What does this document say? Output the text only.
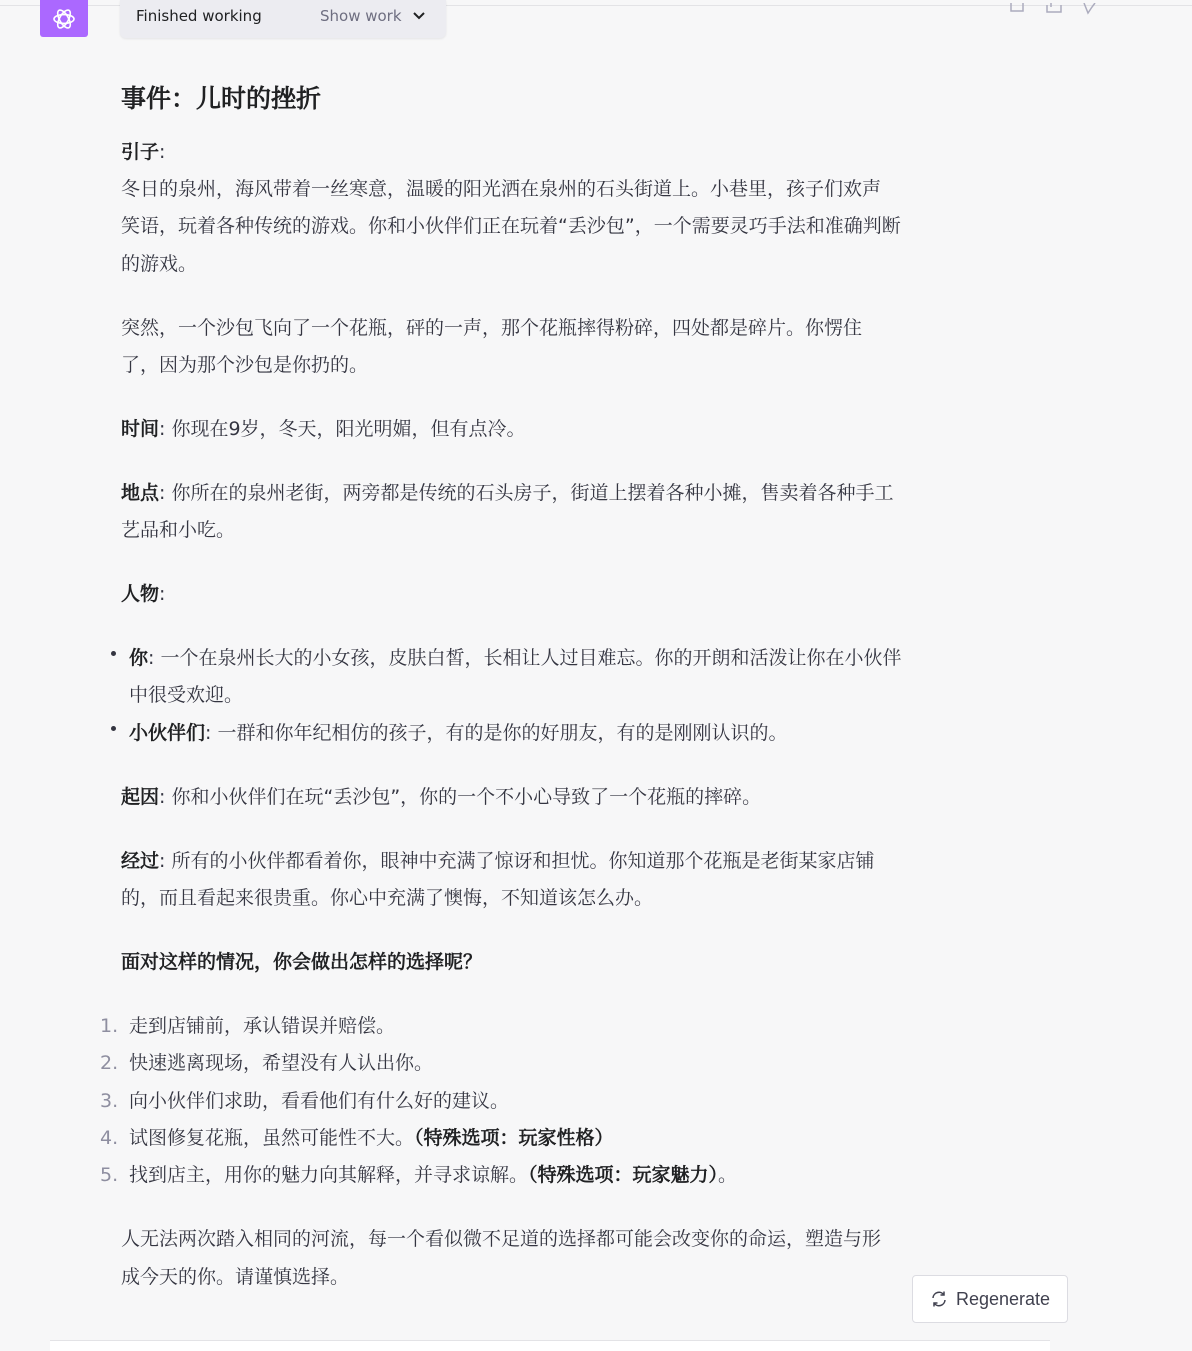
Finished working	Show work
事件：儿时的挫折
引子:
冬日的泉州，海风带着一丝寒意，温暖的阳光洒在泉州的石头街道上。小巷里，孩子们欢声
笑语，玩着各种传统的游戏。你和小伙伴们正在玩着“丢沙包”，一个需要灵巧手法和准确判断
的游戏。
突然，一个沙包飞向了一个花瓶，砰的一声，那个花瓶摔得粉碎，四处都是碎片。你愣住
了，因为那个沙包是你扔的。
时间: 你现在9岁，冬天，阳光明媚，但有点冷。
地点: 你所在的泉州老街，两旁都是传统的石头房子，街道上摆着各种小摊，售卖着各种手工
艺品和小吃。
人物:
你: 一个在泉州长大的小女孩，皮肤白皙，长相让人过目难忘。你的开朗和活泼让你在小伙伴
中很受欢迎。
小伙伴们: 一群和你年纪相仿的孩子，有的是你的好朋友，有的是刚刚认识的。
起因: 你和小伙伴们在玩“丢沙包”，你的一个不小心导致了一个花瓶的摔碎。
经过: 所有的小伙伴都看着你，眼神中充满了惊讶和担忧。你知道那个花瓶是老街某家店铺
的，而且看起来很贵重。你心中充满了懊悔，不知道该怎么办。
面对这样的情况，你会做出怎样的选择呢？
走到店铺前，承认错误并赔偿。
快速逃离现场，希望没有人认出你。
向小伙伴们求助，看看他们有什么好的建议。
试图修复花瓶，虽然可能性不大。（特殊选项：玩家性格）
找到店主，用你的魅力向其解释，并寻求谅解。（特殊选项：玩家魅力）。
人无法两次踏入相同的河流，每一个看似微不足道的选择都可能会改变你的命运，塑造与形
成今天的你。请谨慎选择。
1.
2.
3.
4.
5.
Regenerate
